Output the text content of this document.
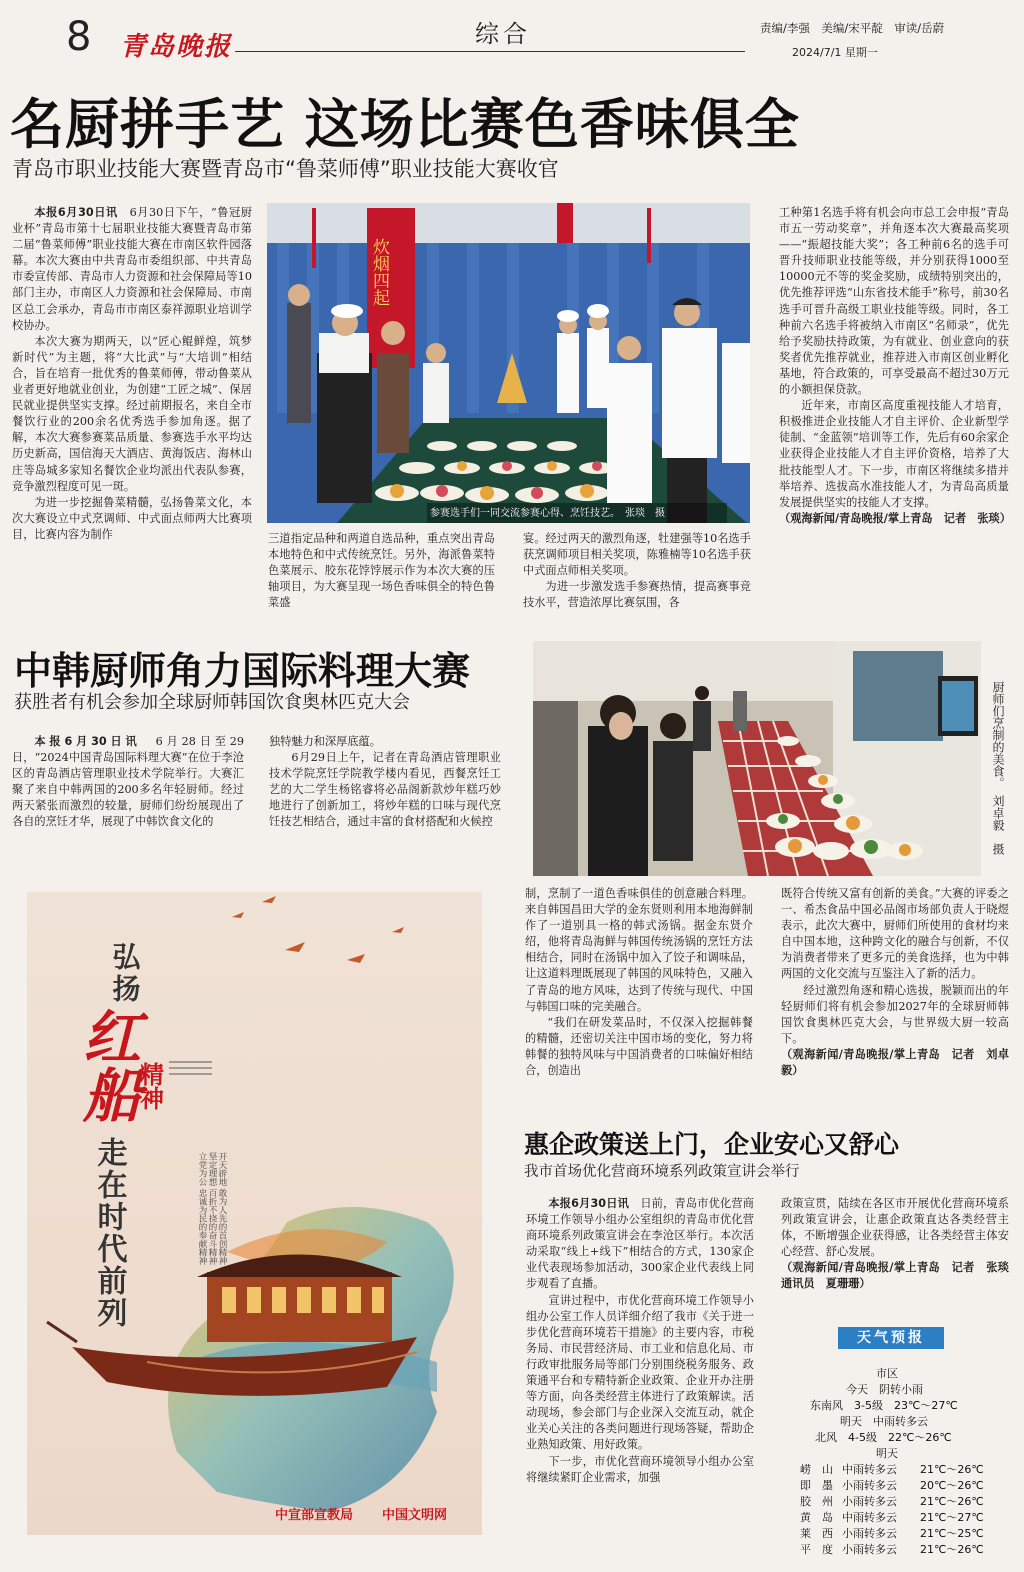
8 青岛晚报	综合	责编/李强　美编/宋平靛　审读/岳蔚
2024/7/1 星期一
名厨拼手艺 这场比赛色香味俱全
青岛市职业技能大赛暨青岛市“鲁菜师傅”职业技能大赛收官

本报6月30日讯　 6月30日下午，“鲁冠厨业杯”青岛市第十七届职业技能大赛暨青岛市第二届“鲁菜师傅”职业技能大赛在市南区软件园落幕。本次大赛由中共青岛市委组织部、中共青岛市委宣传部、青岛市人力资源和社会保障局等10部门主办，市南区人力资源和社会保障局、市南区总工会承办，青岛市市南区泰祥源职业培训学校协办。

本次大赛为期两天，以“匠心鲲鲜煌，筑梦新时代”为主题，将“大比武”与“大培训”相结合，旨在培育一批优秀的鲁菜师傅，带动鲁菜从业者更好地就业创业，为创建“工匠之城”、保居民就业提供坚实支撑。经过前期报名，来自全市餐饮行业的200余名优秀选手参加角逐。据了解，本次大赛参赛菜品质量、参赛选手水平均达历史新高，国信海天大酒店、黄海饭店、海林山庄等岛城多家知名餐饮企业均派出代表队参赛，竞争激烈程度可见一斑。

为进一步挖掘鲁菜精髓，弘扬鲁菜文化，本次大赛设立中式烹调师、中式面点师两大比赛项目，比赛内容为制作

炊烟四起
参赛选手们一同交流参赛心得、烹饪技艺。　张琰　摄

三道指定品种和两道自选品种，重点突出青岛本地特色和中式传统烹饪。另外，海派鲁菜特色菜展示、胶东花饽饽展示作为本次大赛的压轴项目，为大赛呈现一场色香味俱全的特色鲁菜盛

宴。经过两天的激烈角逐，牡建强等10名选手获烹调师项目相关奖项，陈雅楠等10名选手获中式面点师相关奖项。

为进一步激发选手参赛热情，提高赛事竞技水平，营造浓厚比赛氛围，各

工种第1名选手将有机会向市总工会申报“青岛市五一劳动奖章”，并角逐本次大赛最高奖项——“振超技能大奖”；各工种前6名的选手可晋升技师职业技能等级，并分别获得1000至10000元不等的奖金奖励，成绩特别突出的，优先推荐评选“山东省技术能手”称号，前30名选手可晋升高级工职业技能等级。同时，各工种前六名选手将被纳入市南区“名师录”，优先给予奖励扶持政策，为有就业、创业意向的获奖者优先推荐就业，推荐进入市南区创业孵化基地，符合政策的，可享受最高不超过30万元的小额担保贷款。

近年来，市南区高度重视技能人才培育，积极推进企业技能人才自主评价、企业新型学徒制、“金蓝领”培训等工作，先后有60余家企业获得企业技能人才自主评价资格，培养了大批技能型人才。下一步，市南区将继续多措并举培养、选拔高水准技能人才，为青岛高质量发展提供坚实的技能人才支撑。

（观海新闻/青岛晚报/掌上青岛　记者　张琰）

中韩厨师角力国际料理大赛
获胜者有机会参加全球厨师韩国饮食奥林匹克大会

本报6月30日讯　 6月28日至29日，“2024中国青岛国际料理大赛”在位于李沧区的青岛酒店管理职业技术学院举行。大赛汇聚了来自中韩两国的200多名年轻厨师。经过两天紧张而激烈的较量，厨师们纷纷展现出了各自的烹饪才华，展现了中韩饮食文化的

独特魅力和深厚底蕴。

6月29日上午，记者在青岛酒店管理职业技术学院烹饪学院教学楼内看见，西餐烹饪工艺的大二学生杨铭睿将必品阁新款炒年糕巧妙地进行了创新加工，将炒年糕的口味与现代烹饪技艺相结合，通过丰富的食材搭配和火候控	厨师们烹制的美食。　刘卓毅　摄

制，烹制了一道色香味俱佳的创意融合料理。来自韩国昌田大学的金东贤则利用本地海鲜制作了一道别具一格的韩式汤锅。据金东贤介绍，他将青岛海鲜与韩国传统汤锅的烹饪方法相结合，同时在汤锅中加入了饺子和调味品，让这道料理既展现了韩国的风味特色，又融入了青岛的地方风味，达到了传统与现代、中国与韩国口味的完美融合。

“我们在研发菜品时，不仅深入挖掘韩餐的精髓，还密切关注中国市场的变化，努力将韩餐的独特风味与中国消费者的口味偏好相结合，创造出

既符合传统又富有创新的美食。”大赛的评委之一、希杰食品中国必品阁市场部负责人于晓煜表示，此次大赛中，厨师们所使用的食材均来自中国本地，这种跨文化的融合与创新，不仅为消费者带来了更多元的美食选择，也为中韩两国的文化交流与互鉴注入了新的活力。

经过激烈角逐和精心选拔，脱颖而出的年轻厨师们将有机会参加2027年的全球厨师韩国饮食奥林匹克大会，与世界级大厨一较高下。

（观海新闻/青岛晚报/掌上青岛　记者　刘卓毅）

弘扬
红船
精神
走在时代前列	开天辟地 敢为人先的首创精神 坚定理想 百折不挠的奋斗精神 立党为公 忠诚为民的奉献精神
中宣部宣教局 中国文明网
惠企政策送上门，企业安心又舒心
我市首场优化营商环境系列政策宣讲会举行

本报6月30日讯　 日前，青岛市优化营商环境工作领导小组办公室组织的青岛市优化营商环境系列政策宣讲会在李沧区举行。本次活动采取“线上+线下”相结合的方式，130家企业代表现场参加活动，300家企业代表线上同步观看了直播。

宣讲过程中，市优化营商环境工作领导小组办公室工作人员详细介绍了我市《关于进一步优化营商环境若干措施》的主要内容，市税务局、市民营经济局、市工业和信息化局、市行政审批服务局等部门分别围绕税务服务、政策通平台和专精特新企业政策、企业开办注册等方面，向各类经营主体进行了政策解读。活动现场，参会部门与企业深入交流互动，就企业关心关注的各类问题进行现场答疑，帮助企业熟知政策、用好政策。

下一步，市优化营商环境领导小组办公室将继续紧盯企业需求，加强

政策宣贯，陆续在各区市开展优化营商环境系列政策宣讲会，让惠企政策直达各类经营主体，不断增强企业获得感，让各类经营主体安心经营、舒心发展。

（观海新闻/青岛晚报/掌上青岛　记者　张琰　通讯员　夏珊珊）

天气预报
市区
今天　阴转小雨
东南风　3-5级　23℃～27℃
明天　中雨转多云
北风　4-5级　22℃～26℃
明天
崂　山 中雨转多云 21℃～26℃
即　墨 小雨转多云 20℃～26℃
胶　州 小雨转多云 21℃～26℃
黄　岛 中雨转多云 21℃～27℃
莱　西 小雨转多云 21℃～25℃
平　度 小雨转多云 21℃～26℃
